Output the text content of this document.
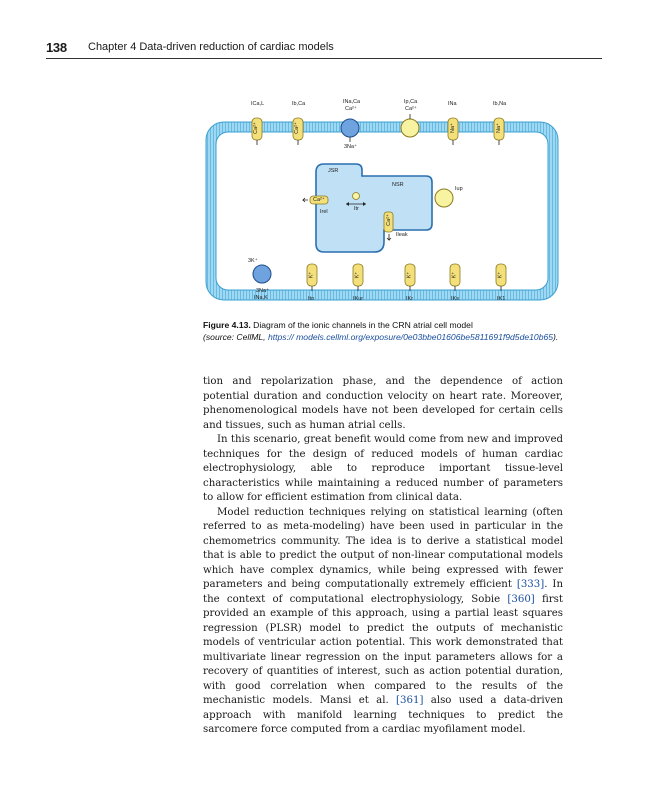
138 Chapter 4 Data-driven reduction of cardiac models
ICa,L	Ib,Ca	INa,Ca
Ca²⁺
Ip,Ca
Ca²⁺
INa	Ib,Na
3Na⁺
JSR
NSR
Iup
Itr
Irel
Ileak
Ca²⁺
Ca²⁺
Ca²⁺	Ca²⁺	Na⁺	Na⁺
K⁺	K⁺	K⁺	K⁺	K⁺
3K⁺
3Na⁺
INa,K	Ito	IKur	IKr	IKs	IK1
Figure 4.13. Diagram of the ionic channels in the CRN atrial cell model
(source: CellML, https:// models.cellml.org/exposure/0e03bbe01606be5811691f9d5de10b65).

tion and repolarization phase, and the dependence of action potential duration and conduction velocity on heart rate. Moreover, phenomenological models have not been developed for certain cells and tissues, such as human atrial cells.

In this scenario, great benefit would come from new and improved techniques for the design of reduced models of human cardiac electrophysiology, able to reproduce important tissue-level characteristics while maintaining a reduced number of parameters to allow for efficient estimation from clinical data.

Model reduction techniques relying on statistical learning (often referred to as meta-modeling) have been used in particular in the chemometrics community. The idea is to derive a statistical model that is able to predict the output of non-linear computational models which have complex dynamics, while being expressed with fewer parameters and being computationally extremely efficient [333]. In the context of computational electrophysiology, Sobie [360] first provided an example of this approach, using a partial least squares regression (PLSR) model to predict the outputs of mechanistic models of ventricular action potential. This work demonstrated that multivariate linear regression on the input parameters allows for a recovery of quantities of interest, such as action potential duration, with good correlation when compared to the results of the mechanistic models. Mansi et al. [361] also used a data-driven approach with manifold learning techniques to predict the sarcomere force computed from a cardiac myofilament model.
